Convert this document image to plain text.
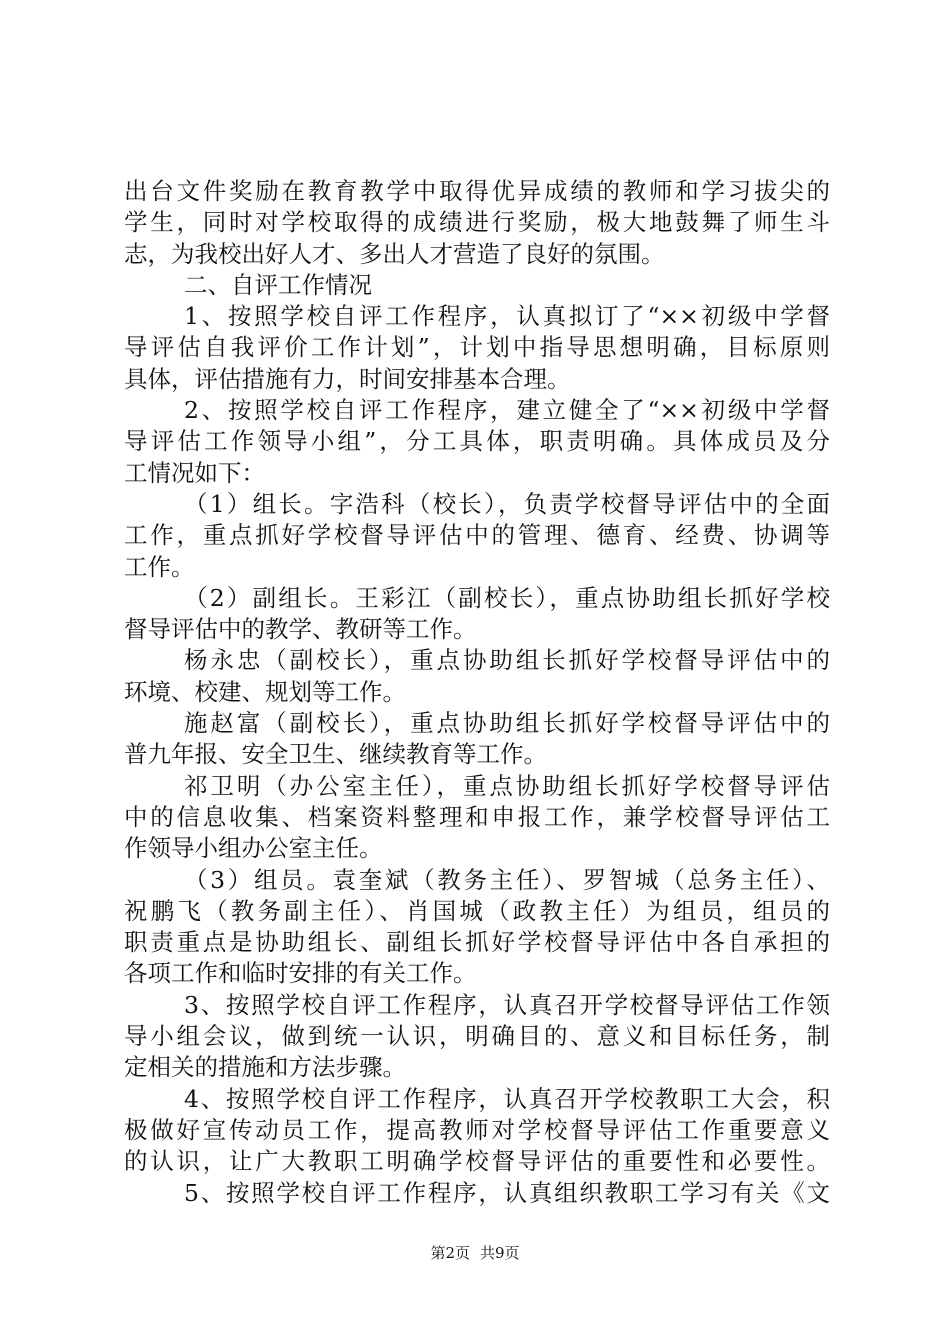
出台文件奖励在教育教学中取得优异成绩的教师和学习拔尖的
学生，同时对学校取得的成绩进行奖励，极大地鼓舞了师生斗
志，为我校出好人才、多出人才营造了良好的氛围。
二、自评工作情况
1、按照学校自评工作程序，认真拟订了“××初级中学督
导评估自我评价工作计划”，计划中指导思想明确，目标原则
具体，评估措施有力，时间安排基本合理。
2、按照学校自评工作程序，建立健全了“××初级中学督
导评估工作领导小组”，分工具体，职责明确。具体成员及分
工情况如下：
（1）组长。字浩科（校长），负责学校督导评估中的全面
工作，重点抓好学校督导评估中的管理、德育、经费、协调等
工作。
（2）副组长。王彩江（副校长），重点协助组长抓好学校
督导评估中的教学、教研等工作。
杨永忠（副校长），重点协助组长抓好学校督导评估中的
环境、校建、规划等工作。
施赵富（副校长），重点协助组长抓好学校督导评估中的
普九年报、安全卫生、继续教育等工作。
祁卫明（办公室主任），重点协助组长抓好学校督导评估
中的信息收集、档案资料整理和申报工作，兼学校督导评估工
作领导小组办公室主任。
（3）组员。袁奎斌（教务主任）、罗智城（总务主任）、
祝鹏飞（教务副主任）、肖国城（政教主任）为组员，组员的
职责重点是协助组长、副组长抓好学校督导评估中各自承担的
各项工作和临时安排的有关工作。
3、按照学校自评工作程序，认真召开学校督导评估工作领
导小组会议，做到统一认识，明确目的、意义和目标任务，制
定相关的措施和方法步骤。
4、按照学校自评工作程序，认真召开学校教职工大会，积
极做好宣传动员工作，提高教师对学校督导评估工作重要意义
的认识，让广大教职工明确学校督导评估的重要性和必要性。
5、按照学校自评工作程序，认真组织教职工学习有关《文
第2页 共9页
